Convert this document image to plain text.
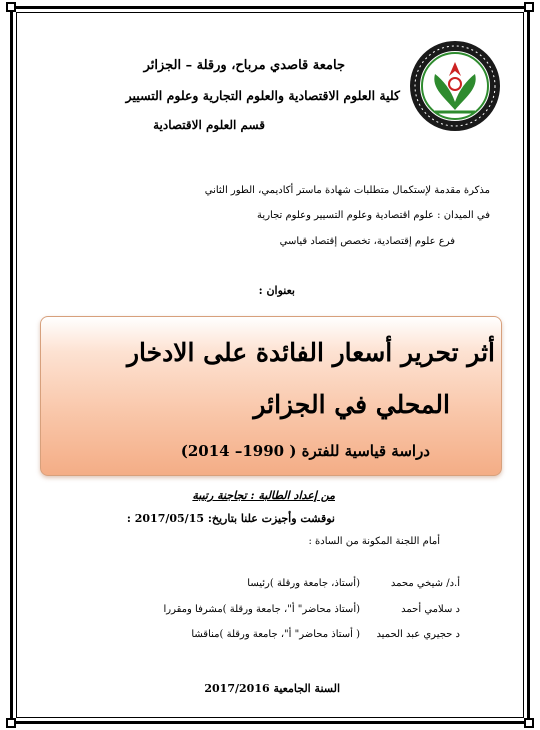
جامعة قاصدي مرباح، ورقلة – الجزائر
كلية العلوم الاقتصادية والعلوم التجارية وعلوم التسيير
قسم العلوم الاقتصادية
مذكرة مقدمة لإستكمال متطلبات شهادة ماستر أكاديمي، الطور الثاني
في الميدان : علوم اقتصادية وعلوم التسيير وعلوم تجارية
فرع علوم إقتصادية، تخصص إقتصاد قياسي
بعنوان :
أثر تحرير أسعار الفائدة على الادخار
المحلي في الجزائر
دراسة قياسية للفترة ( 1990– 2014)
من إعداد الطالبة : تجاجنة رتيبة
نوقشت وأجيزت علنا بتاريخ: 2017/05/15 :
أمام اللجنة المكونة من السادة :
أ.د/ شيخي محمد
(أستاذ، جامعة ورقلة )رئيسا
د سلامي أحمد
(أستاذ محاضر" أ"، جامعة ورقلة )مشرفا ومقررا
د حجيري عبد الحميد
( أستاذ محاضر" أ"، جامعة ورقلة )مناقشا
السنة الجامعية 2017/2016
